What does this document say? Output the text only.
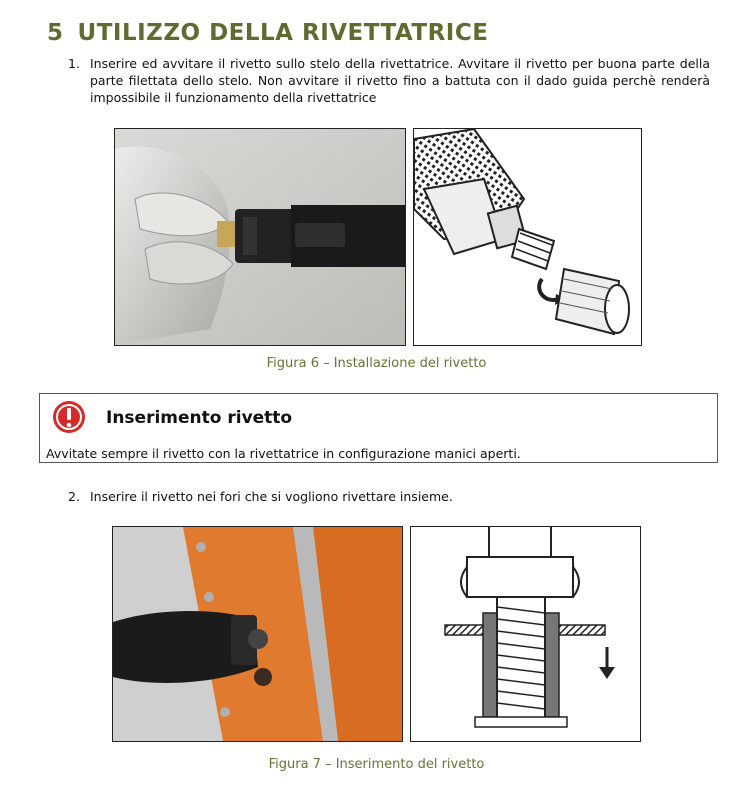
5 UTILIZZO DELLA RIVETTATRICE
1. Inserire ed avvitare il rivetto sullo stelo della rivettatrice. Avvitare il rivetto per buona parte della parte filettata dello stelo. Non avvitare il rivetto fino a battuta con il dado guida perchè renderà impossibile il funzionamento della rivettatrice
Figura 6 – Installazione del rivetto
Inserimento rivetto
Avvitate sempre il rivetto con la rivettatrice in configurazione manici aperti.
2. Inserire il rivetto nei fori che si vogliono rivettare insieme.
Figura 7 – Inserimento del rivetto
